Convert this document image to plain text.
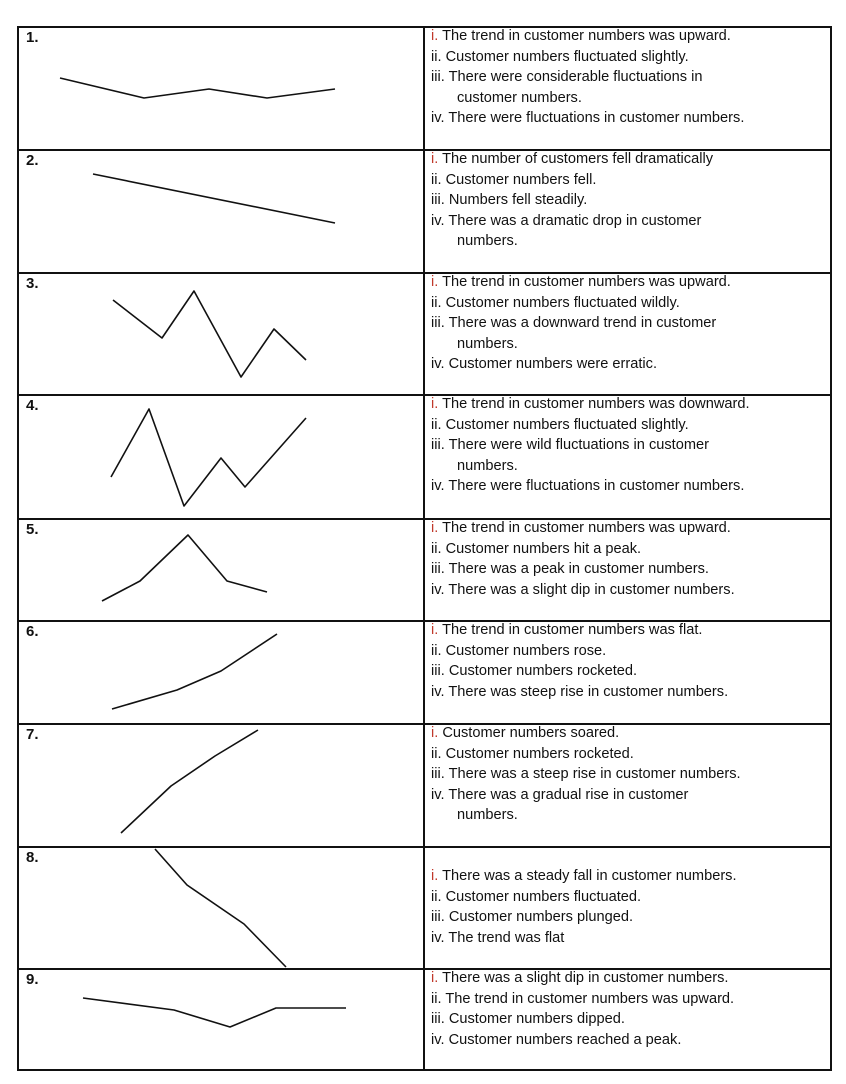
1.	i. The trend in customer numbers was upward.
ii. Customer numbers fluctuated slightly.
iii. There were considerable fluctuations in
customer numbers.
iv. There were fluctuations in customer numbers.
2.	i. The number of customers fell dramatically
ii. Customer numbers fell.
iii. Numbers fell steadily.
iv. There was a dramatic drop in customer
numbers.
3.	i. The trend in customer numbers was upward.
ii. Customer numbers fluctuated wildly.
iii. There was a downward trend in customer
numbers.
iv. Customer numbers were erratic.
4.	i. The trend in customer numbers was downward.
ii. Customer numbers fluctuated slightly.
iii. There were wild fluctuations in customer
numbers.
iv. There were fluctuations in customer numbers.
5.	i. The trend in customer numbers was upward.
ii. Customer numbers hit a peak.
iii. There was a peak in customer numbers.
iv. There was a slight dip in customer numbers.
6.	i. The trend in customer numbers was flat.
ii. Customer numbers rose.
iii. Customer numbers rocketed.
iv. There was steep rise in customer numbers.
7.	i. Customer numbers soared.
ii. Customer numbers rocketed.
iii. There was a steep rise in customer numbers.
iv. There was a gradual rise in customer
numbers.
8.
i. There was a steady fall in customer numbers.
ii. Customer numbers fluctuated.
iii. Customer numbers plunged.
iv. The trend was flat
9.	i. There was a slight dip in customer numbers.
ii. The trend in customer numbers was upward.
iii. Customer numbers dipped.
iv. Customer numbers reached a peak.
